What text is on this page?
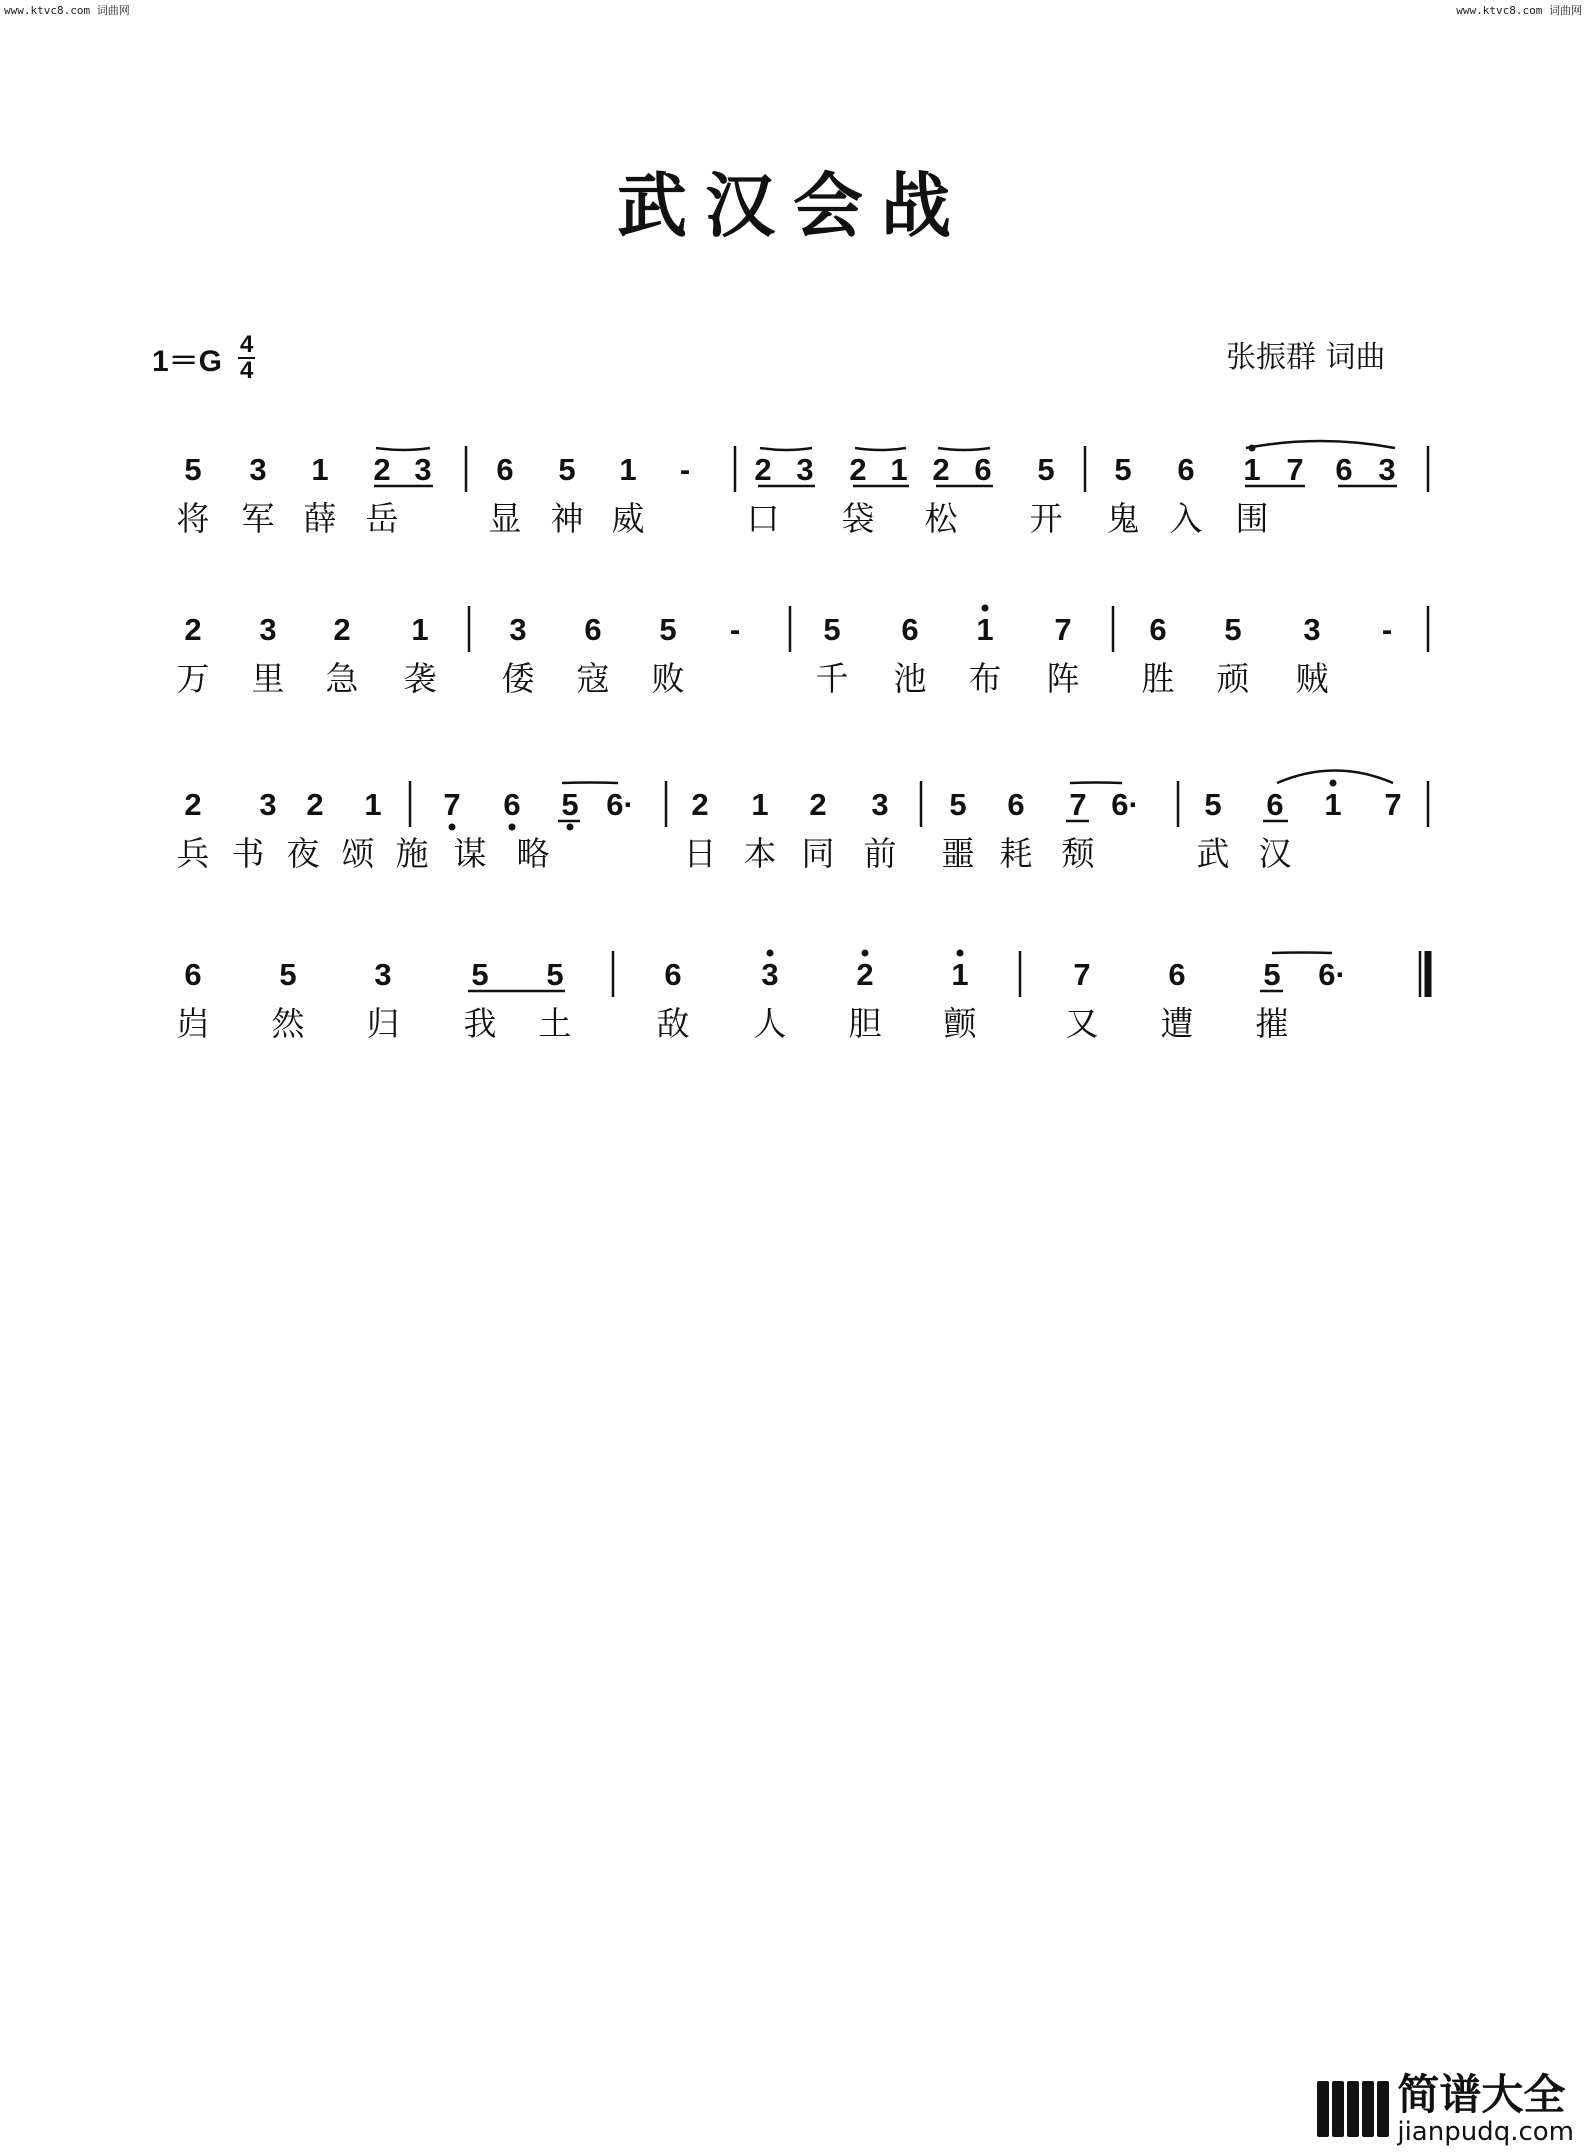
www.ktvc8.com 词曲网	www.ktvc8.com 词曲网
武汉会战
$1=G \frac{4}{4}$	张振群 词曲
5 3 1 2 3 6 5 1 - 2 3 2 1 2 6 5 5 6 1 7 6 3
2 3 2 1	3 6 5 -	5 6 1 7	6 5 3 -
2 3 2 1 7 6 5 6· 2 1 2 3 5 6 7 6· 5 6 1 7
6	5	3	5 5	6	3	2	1	7	6	5 6·
将 军 薛 岳	显 神 威	口 袋 松 开 鬼 入 围
万 里 急 袭 倭 寇 败	千 池 布 阵 胜 顽 贼
兵 书 夜 颂 施 谋 略	日 本 同 前 噩 耗 颓	武 汉
岿 然 归 我 土	敌 人 胆 颤	又 遭 摧
简谱大全
jianpudq.com
